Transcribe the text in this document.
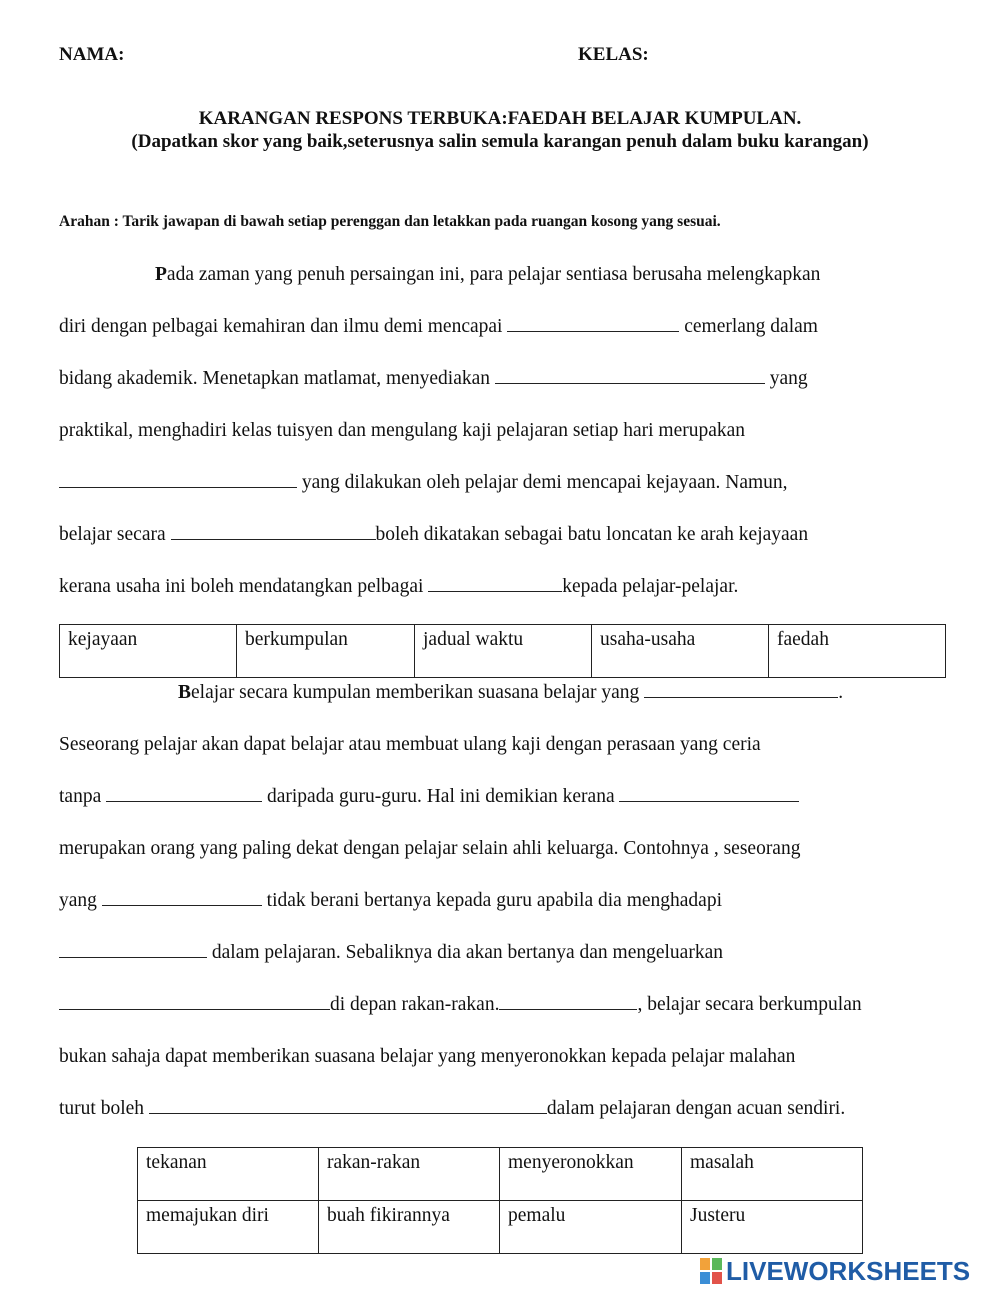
NAMA:	KELAS:
KARANGAN RESPONS TERBUKA:FAEDAH BELAJAR KUMPULAN.
(Dapatkan skor yang baik,seterusnya salin semula karangan penuh dalam buku karangan)
Arahan : Tarik jawapan di bawah setiap perenggan dan letakkan pada ruangan kosong yang sesuai.
Pada zaman yang penuh persaingan ini, para pelajar sentiasa berusaha melengkapkan
diri dengan pelbagai kemahiran dan ilmu demi mencapai	cemerlang dalam
bidang akademik. Menetapkan matlamat, menyediakan	yang
praktikal, menghadiri kelas tuisyen dan mengulang kaji pelajaran setiap hari merupakan
yang dilakukan oleh pelajar demi mencapai kejayaan. Namun,
belajar secara	boleh dikatakan sebagai batu loncatan ke arah kejayaan
kerana usaha ini boleh mendatangkan pelbagai	kepada pelajar-pelajar.
kejayaan	berkumpulan	jadual waktu	usaha-usaha	faedah
Belajar secara kumpulan memberikan suasana belajar yang	.
Seseorang pelajar akan dapat belajar atau membuat ulang kaji dengan perasaan yang ceria
tanpa	daripada guru-guru. Hal ini demikian kerana
merupakan orang yang paling dekat dengan pelajar selain ahli keluarga. Contohnya , seseorang
yang	tidak berani bertanya kepada guru apabila dia menghadapi
dalam pelajaran. Sebaliknya dia akan bertanya dan mengeluarkan
di depan rakan-rakan.	, belajar secara berkumpulan
bukan sahaja dapat memberikan suasana belajar yang menyeronokkan kepada pelajar malahan
turut boleh	dalam pelajaran dengan acuan sendiri.
tekanan	rakan-rakan	menyeronokkan	masalah
memajukan diri	buah fikirannya	pemalu	Justeru
LIVEWORKSHEETS
